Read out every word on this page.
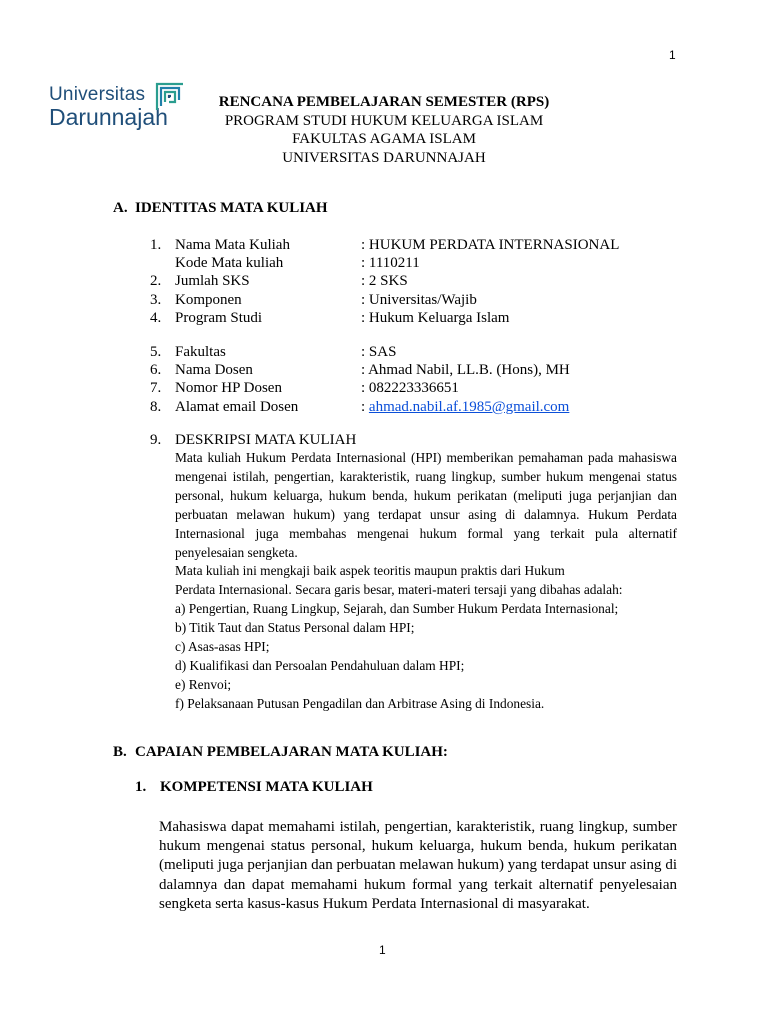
1
Universitas
Darunnajah
RENCANA PEMBELAJARAN SEMESTER (RPS)
PROGRAM STUDI HUKUM KELUARGA ISLAM
FAKULTAS AGAMA ISLAM
UNIVERSITAS DARUNNAJAH
A. IDENTITAS MATA KULIAH
1. Nama Mata Kuliah	: HUKUM PERDATA INTERNASIONAL
Kode Mata kuliah	: 1110211
2. Jumlah SKS	: 2 SKS
3. Komponen	: Universitas/Wajib
4. Program Studi	: Hukum Keluarga Islam
5. Fakultas	: SAS
6. Nama Dosen	: Ahmad Nabil, LL.B. (Hons), MH
7. Nomor HP Dosen	: 082223336651
8. Alamat email Dosen	: ahmad.nabil.af.1985@gmail.com
9. DESKRIPSI MATA KULIAH
Mata kuliah Hukum Perdata Internasional (HPI) memberikan pemahaman pada mahasiswa mengenai istilah, pengertian, karakteristik, ruang lingkup, sumber hukum mengenai status personal, hukum keluarga, hukum benda, hukum perikatan (meliputi juga perjanjian dan perbuatan melawan hukum) yang terdapat unsur asing di dalamnya. Hukum Perdata Internasional juga membahas mengenai hukum formal yang terkait pula alternatif penyelesaian sengketa.
Mata kuliah ini mengkaji baik aspek teoritis maupun praktis dari Hukum
Perdata Internasional. Secara garis besar, materi-materi tersaji yang dibahas adalah:
a) Pengertian, Ruang Lingkup, Sejarah, dan Sumber Hukum Perdata Internasional;
b) Titik Taut dan Status Personal dalam HPI;
c) Asas-asas HPI;
d) Kualifikasi dan Persoalan Pendahuluan dalam HPI;
e) Renvoi;
f) Pelaksanaan Putusan Pengadilan dan Arbitrase Asing di Indonesia.
B. CAPAIAN PEMBELAJARAN MATA KULIAH:
1. KOMPETENSI MATA KULIAH
Mahasiswa dapat memahami istilah, pengertian, karakteristik, ruang lingkup, sumber hukum mengenai status personal, hukum keluarga, hukum benda, hukum perikatan (meliputi juga perjanjian dan perbuatan melawan hukum) yang terdapat unsur asing di dalamnya dan dapat memahami hukum formal yang terkait alternatif penyelesaian sengketa serta kasus-kasus Hukum Perdata Internasional di masyarakat.
1
